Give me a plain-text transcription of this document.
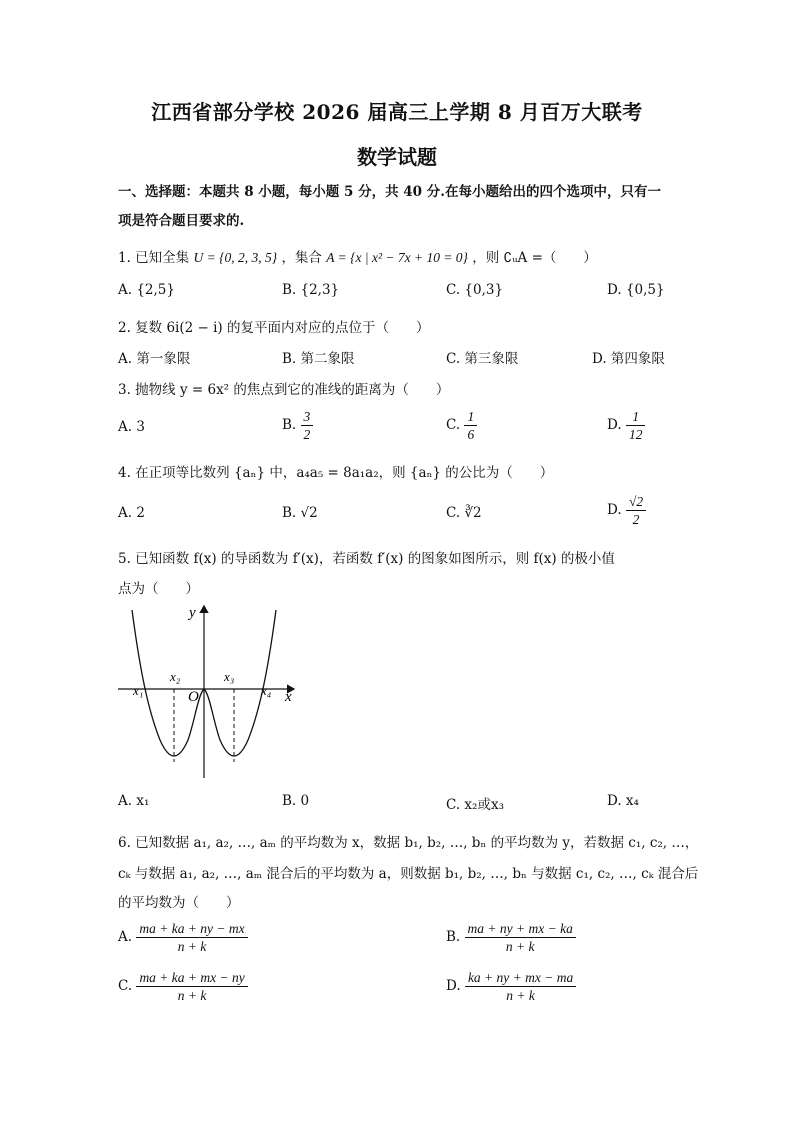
江西省部分学校 2026 届高三上学期 8 月百万大联考
数学试题
一、选择题：本题共 8 小题，每小题 5 分，共 40 分.在每小题给出的四个选项中，只有一
项是符合题目要求的.
1. 已知全集 U = {0, 2, 3, 5} ，集合 A = {x | x² − 7x + 10 = 0} ，则 ∁ᵤA =（　　）
A. {2,5}	B. {2,3}	C. {0,3}	D. {0,5}
2. 复数 6i(2 − i) 的复平面内对应的点位于（　　）
A. 第一象限	B. 第二象限	C. 第三象限	D. 第四象限
3. 抛物线 y = 6x² 的焦点到它的准线的距离为（　　）
A. 3	B. $\frac{3}{2}$	C. $\frac{1}{6}$	D. $\frac{1}{12}$
4. 在正项等比数列 {aₙ} 中，a₄a₅ = 8a₁a₂，则 {aₙ} 的公比为（　　）
A. 2	B. √2	C. ∛2	D. $\frac{√2}{2}$
5. 已知函数 f(x) 的导函数为 f′(x)，若函数 f′(x) 的图象如图所示，则 f(x) 的极小值
点为（　　）
y
x
O
x₁
x₂	x₃
x₄
A. x₁	B. 0	C. x₂或x₃	D. x₄
6. 已知数据 a₁, a₂, …, aₘ 的平均数为 x，数据 b₁, b₂, …, bₙ 的平均数为 y，若数据 c₁, c₂, …，
cₖ 与数据 a₁, a₂, …, aₘ 混合后的平均数为 a，则数据 b₁, b₂, …, bₙ 与数据 c₁, c₂, …, cₖ 混合后
的平均数为（　　）
A. $\frac{ma + ka + ny - mx}{n + k}$	B. $\frac{ma + ny + mx - ka}{n + k}$
C. $\frac{ma + ka + mx - ny}{n + k}$	D. $\frac{ka + ny + mx - ma}{n + k}$
